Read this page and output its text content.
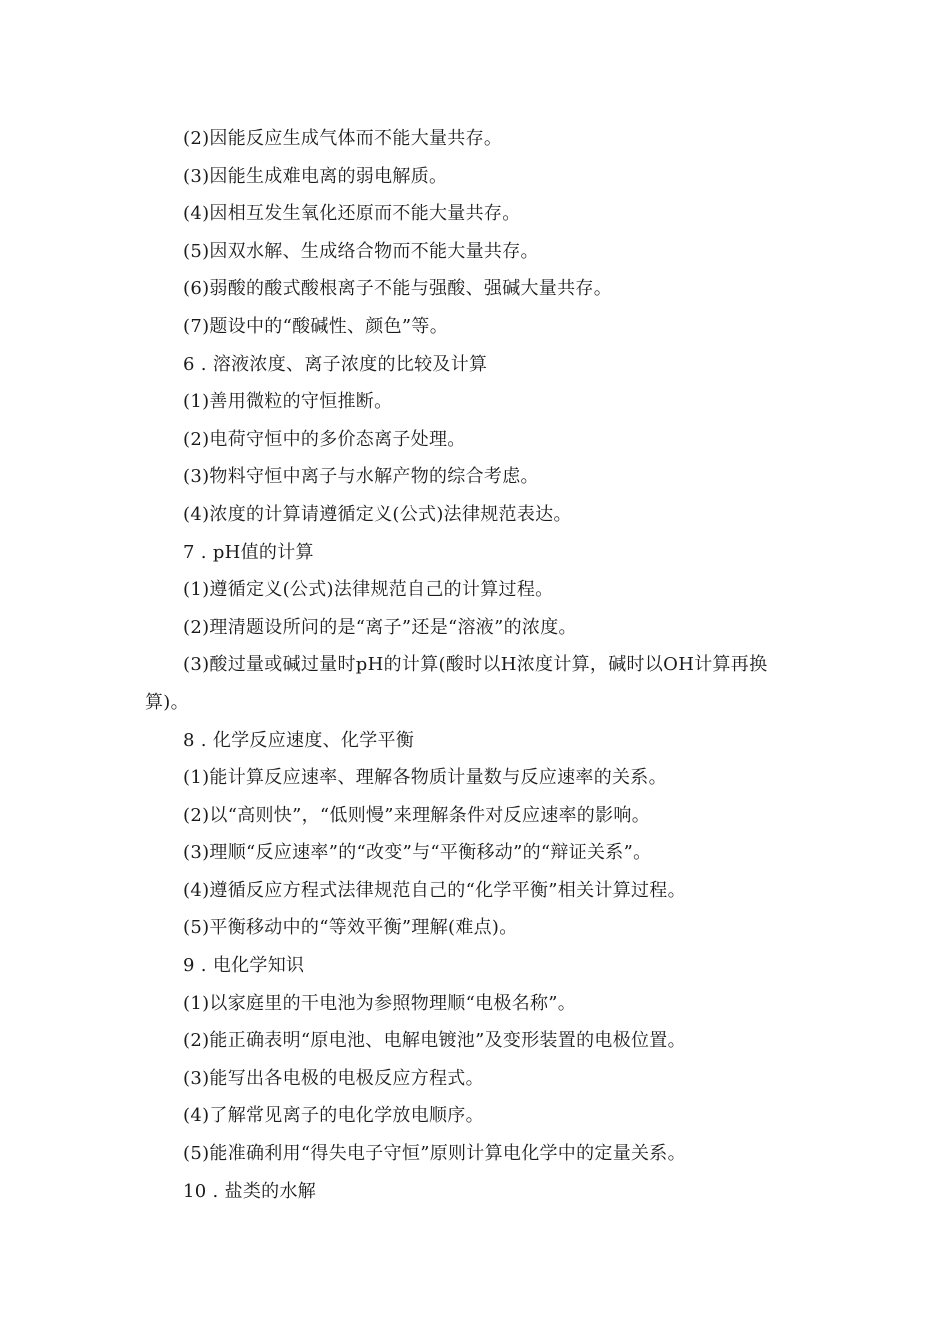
(2)因能反应生成气体而不能大量共存。
(3)因能生成难电离的弱电解质。
(4)因相互发生氧化还原而不能大量共存。
(5)因双水解、生成络合物而不能大量共存。
(6)弱酸的酸式酸根离子不能与强酸、强碱大量共存。
(7)题设中的“酸碱性、颜色”等。
6 . 溶液浓度、离子浓度的比较及计算
(1)善用微粒的守恒推断。
(2)电荷守恒中的多价态离子处理。
(3)物料守恒中离子与水解产物的综合考虑。
(4)浓度的计算请遵循定义(公式)法律规范表达。
7 . pH值的计算
(1)遵循定义(公式)法律规范自己的计算过程。
(2)理清题设所问的是“离子”还是“溶液”的浓度。
(3)酸过量或碱过量时pH的计算(酸时以H浓度计算，碱时以OH计算再换
算)。
8 . 化学反应速度、化学平衡
(1)能计算反应速率、理解各物质计量数与反应速率的关系。
(2)以“高则快”，“低则慢”来理解条件对反应速率的影响。
(3)理顺“反应速率”的“改变”与“平衡移动”的“辩证关系”。
(4)遵循反应方程式法律规范自己的“化学平衡”相关计算过程。
(5)平衡移动中的“等效平衡”理解(难点)。
9 . 电化学知识
(1)以家庭里的干电池为参照物理顺“电极名称”。
(2)能正确表明“原电池、电解电镀池”及变形装置的电极位置。
(3)能写出各电极的电极反应方程式。
(4)了解常见离子的电化学放电顺序。
(5)能准确利用“得失电子守恒”原则计算电化学中的定量关系。
10 . 盐类的水解
